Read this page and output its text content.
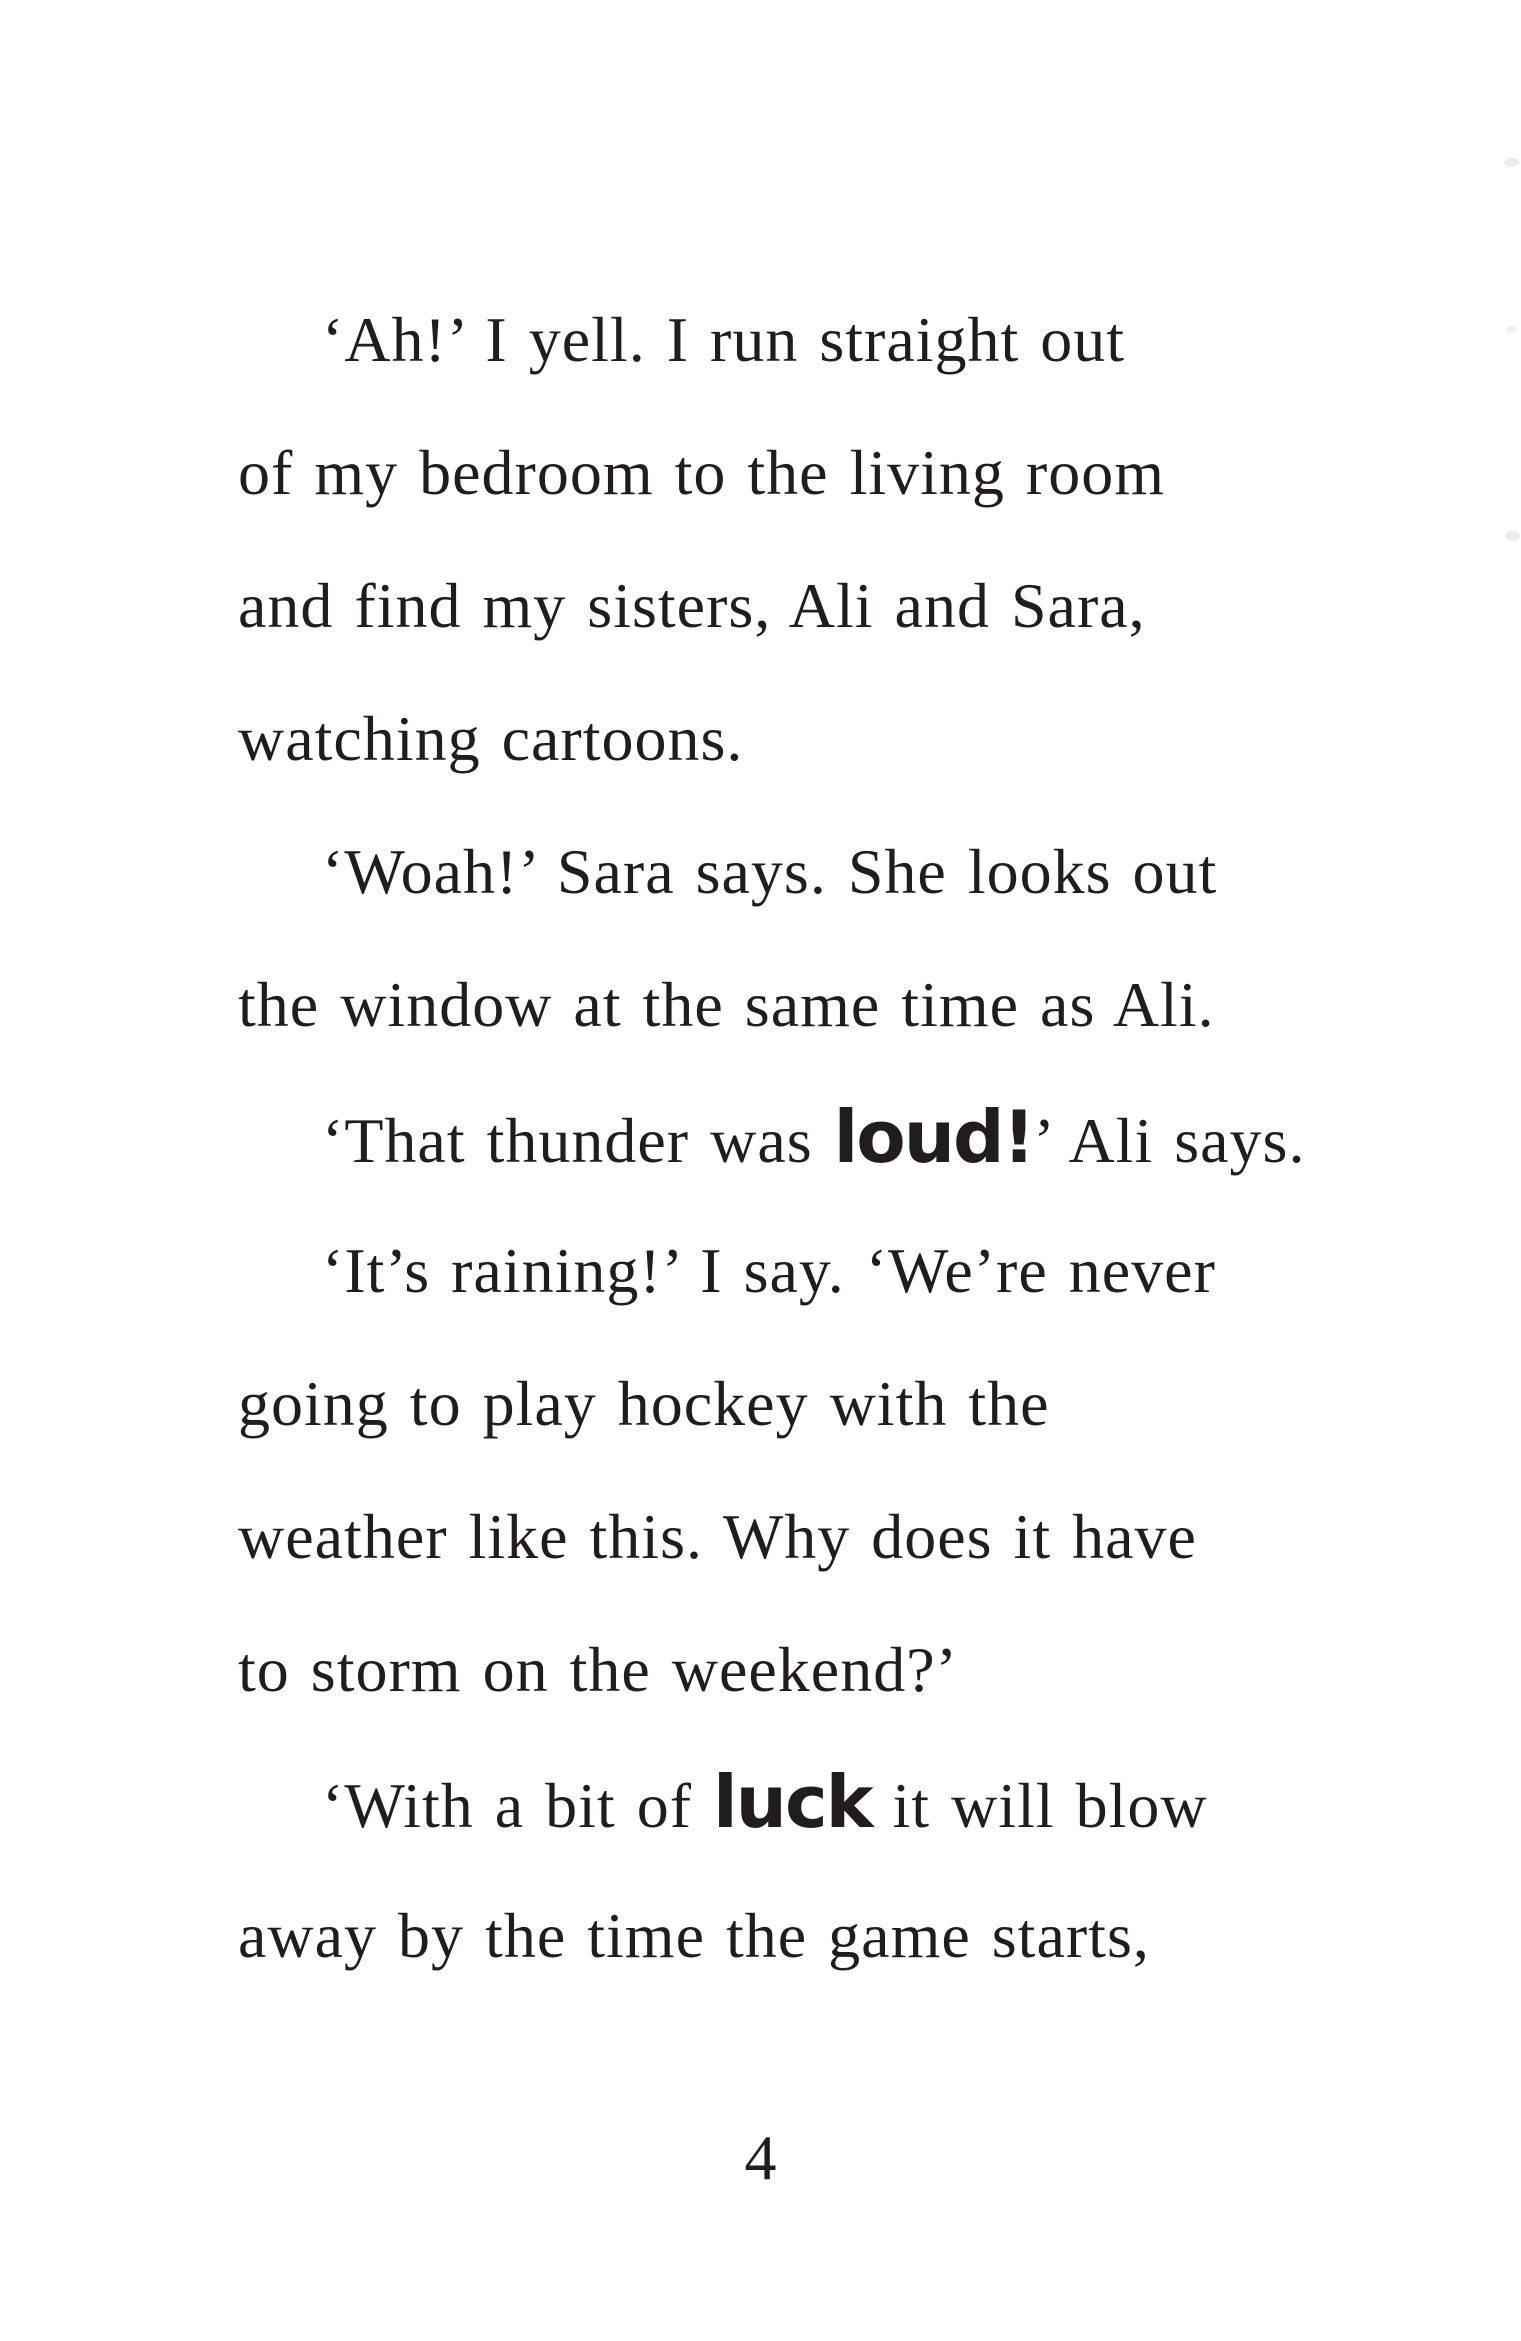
‘Ah!’ I yell. I run straight out
of my bedroom to the living room
and find my sisters, Ali and Sara,
watching cartoons.
‘Woah!’ Sara says. She looks out
the window at the same time as Ali.
‘That thunder was loud!’ Ali says.
‘It’s raining!’ I say. ‘We’re never
going to play hockey with the
weather like this. Why does it have
to storm on the weekend?’
‘With a bit of luck it will blow
away by the time the game starts,
4
